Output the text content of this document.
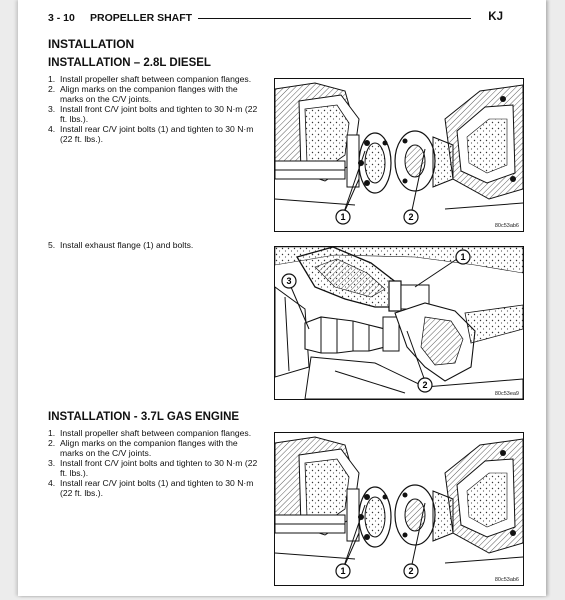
3 - 10 PROPELLER SHAFT	KJ
INSTALLATION
INSTALLATION – 2.8L DIESEL
1. Install propeller shaft between companion flanges.
2. Align marks on the companion flanges with the marks on the C/V joints.
3. Install front C/V joint bolts and tighten to 30 N·m (22 ft. lbs.).
4. Install rear C/V joint bolts (1) and tighten to 30 N·m (22 ft. lbs.).
1	2
80c53ab6
5. Install exhaust flange (1) and bolts.
1
2
3
80c53ea9
INSTALLATION - 3.7L GAS ENGINE
1. Install propeller shaft between companion flanges.
2. Align marks on the companion flanges with the marks on the C/V joints.
3. Install front C/V joint bolts and tighten to 30 N·m (22 ft. lbs.).
4. Install rear C/V joint bolts (1) and tighten to 30 N·m (22 ft. lbs.).
1	2
80c53ab6
